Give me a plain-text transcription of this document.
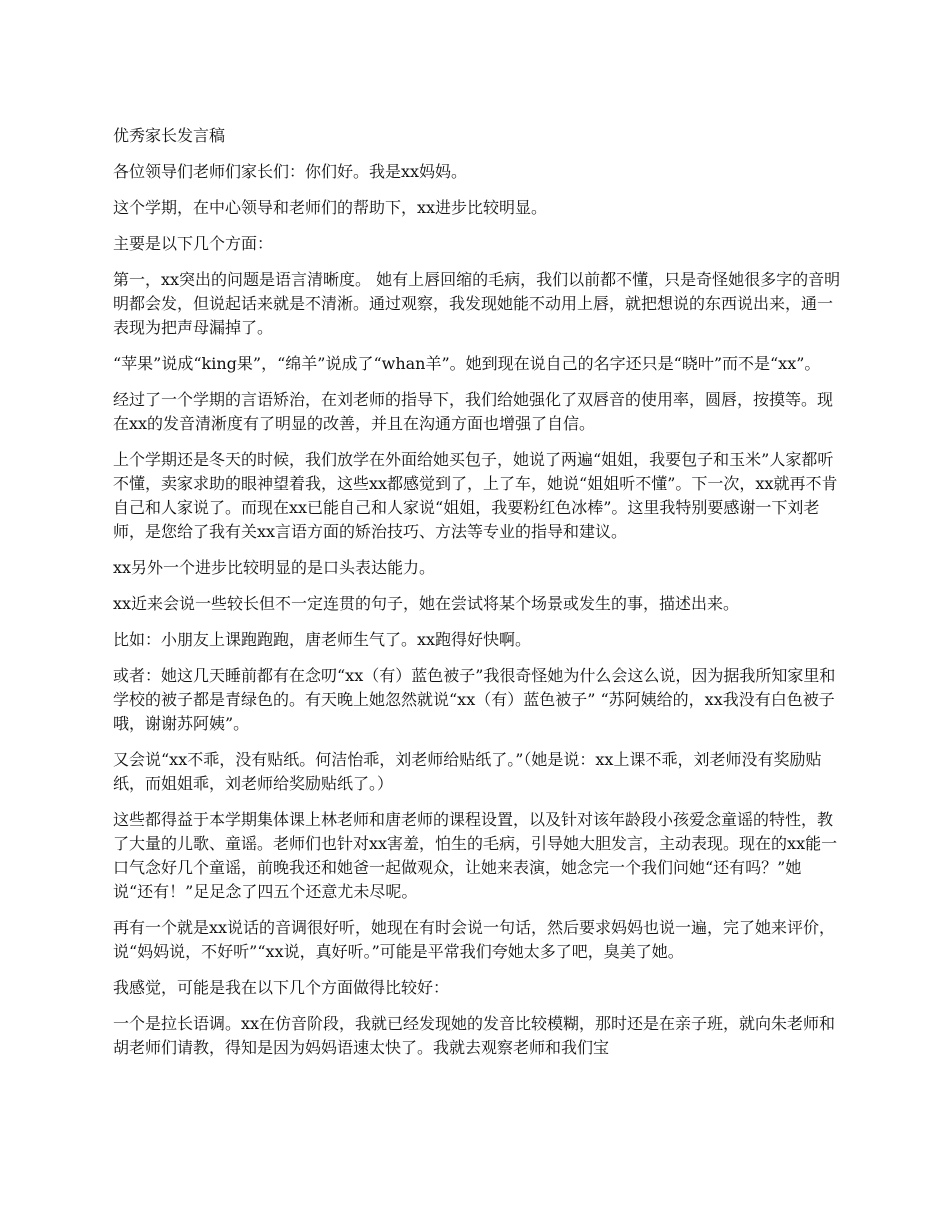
优秀家长发言稿

各位领导们老师们家长们：你们好。我是xx妈妈。

这个学期，在中心领导和老师们的帮助下，xx进步比较明显。

主要是以下几个方面：

第一，xx突出的问题是语言清晰度。 她有上唇回缩的毛病，我们以前都不懂，只是奇怪她很多字的音明明都会发，但说起话来就是不清淅。通过观察，我发现她能不动用上唇，就把想说的东西说出来，通一表现为把声母漏掉了。

“苹果”说成“king果”，“绵羊”说成了“whan羊”。她到现在说自己的名字还只是“晓叶”而不是“xx”。

经过了一个学期的言语矫治，在刘老师的指导下，我们给她强化了双唇音的使用率，圆唇，按摸等。现在xx的发音清淅度有了明显的改善，并且在沟通方面也增强了自信。

上个学期还是冬天的时候，我们放学在外面给她买包子，她说了两遍“姐姐，我要包子和玉米”人家都听不懂，卖家求助的眼神望着我，这些xx都感觉到了，上了车，她说“姐姐听不懂”。下一次，xx就再不肯自己和人家说了。而现在xx已能自己和人家说“姐姐，我要粉红色冰棒”。这里我特别要感谢一下刘老师，是您给了我有关xx言语方面的矫治技巧、方法等专业的指导和建议。

xx另外一个进步比较明显的是口头表达能力。

xx近来会说一些较长但不一定连贯的句子，她在尝试将某个场景或发生的事，描述出来。

比如：小朋友上课跑跑跑，唐老师生气了。xx跑得好快啊。

或者：她这几天睡前都有在念叨“xx（有）蓝色被子”我很奇怪她为什么会这么说，因为据我所知家里和学校的被子都是青绿色的。有天晚上她忽然就说“xx（有）蓝色被子” “苏阿姨给的，xx我没有白色被子哦，谢谢苏阿姨”。

又会说“xx不乖，没有贴纸。何洁怡乖，刘老师给贴纸了。”（她是说：xx上课不乖，刘老师没有奖励贴纸，而姐姐乖，刘老师给奖励贴纸了。）

这些都得益于本学期集体课上林老师和唐老师的课程设置，以及针对该年龄段小孩爱念童谣的特性，教了大量的儿歌、童谣。老师们也针对xx害羞，怕生的毛病，引导她大胆发言，主动表现。现在的xx能一口气念好几个童谣，前晚我还和她爸一起做观众，让她来表演，她念完一个我们问她“还有吗？”她说“还有！”足足念了四五个还意尤未尽呢。

再有一个就是xx说话的音调很好听，她现在有时会说一句话，然后要求妈妈也说一遍，完了她来评价，说“妈妈说，不好听”“xx说，真好听。”可能是平常我们夸她太多了吧，臭美了她。

我感觉，可能是我在以下几个方面做得比较好：

一个是拉长语调。xx在仿音阶段，我就已经发现她的发音比较模糊，那时还是在亲子班，就向朱老师和胡老师们请教，得知是因为妈妈语速太快了。我就去观察老师和我们宝
